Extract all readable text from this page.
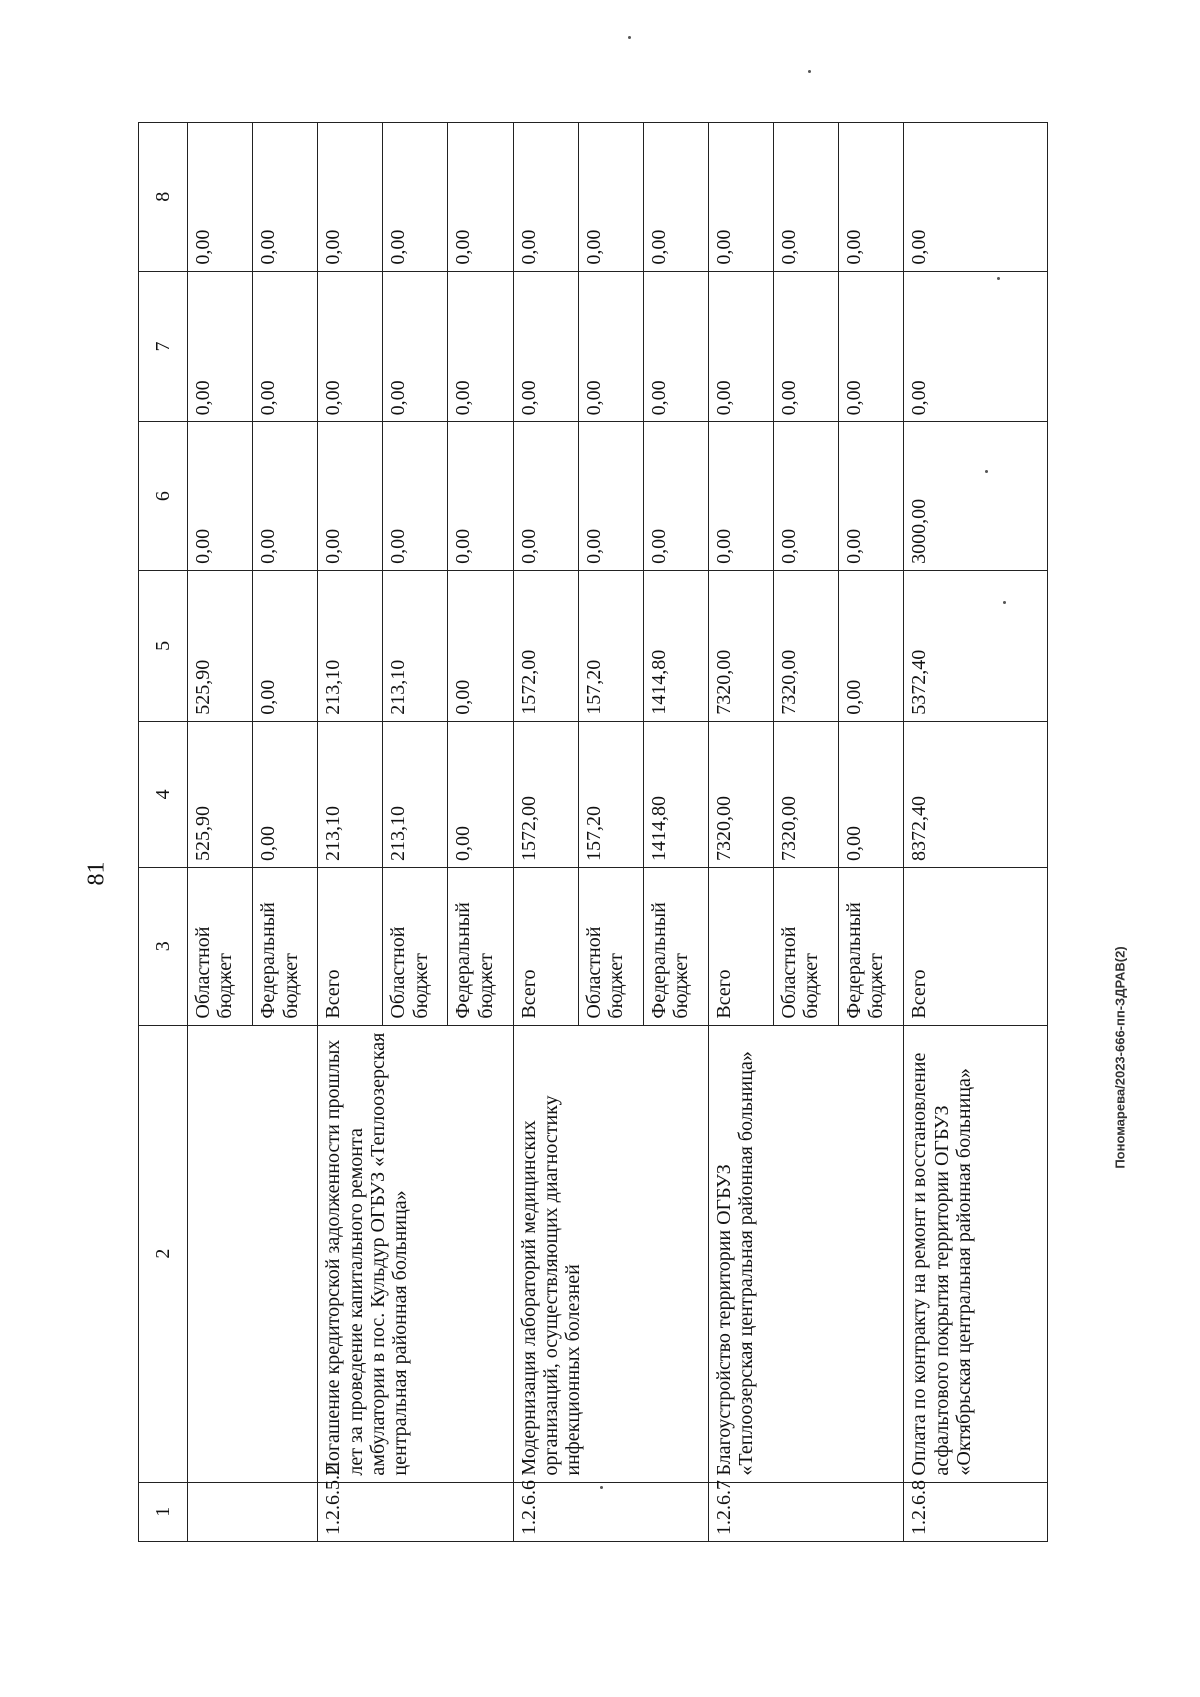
81
Пономарева/2023-666-пп-ЗДРАВ(2)
1	2	3	4	5	6	7	8
		Областной бюджет	525,90	525,90	0,00	0,00	0,00
		Федеральный бюджет	0,00	0,00	0,00	0,00	0,00
1.2.6.5.2	Погашение кредиторской задолженности прошлых лет за проведение капитального ремонта амбулатории в пос. Кульдур ОГБУЗ «Теплоозерская центральная районная больница»	Всего	213,10	213,10	0,00	0,00	0,00
		Областной бюджет	213,10	213,10	0,00	0,00	0,00
		Федеральный бюджет	0,00	0,00	0,00	0,00	0,00
1.2.6.6	Модернизация лабораторий медицинских организаций, осуществляющих диагностику инфекционных болезней	Всего	1572,00	1572,00	0,00	0,00	0,00
		Областной бюджет	157,20	157,20	0,00	0,00	0,00
		Федеральный бюджет	1414,80	1414,80	0,00	0,00	0,00
1.2.6.7	Благоустройство территории ОГБУЗ «Теплоозерская центральная районная больница»	Всего	7320,00	7320,00	0,00	0,00	0,00
		Областной бюджет	7320,00	7320,00	0,00	0,00	0,00
		Федеральный бюджет	0,00	0,00	0,00	0,00	0,00
1.2.6.8	Оплата по контракту на ремонт и восстановление асфальтового покрытия территории ОГБУЗ «Октябрьская центральная районная больница»	Всего	8372,40	5372,40	3000,00	0,00	0,00
